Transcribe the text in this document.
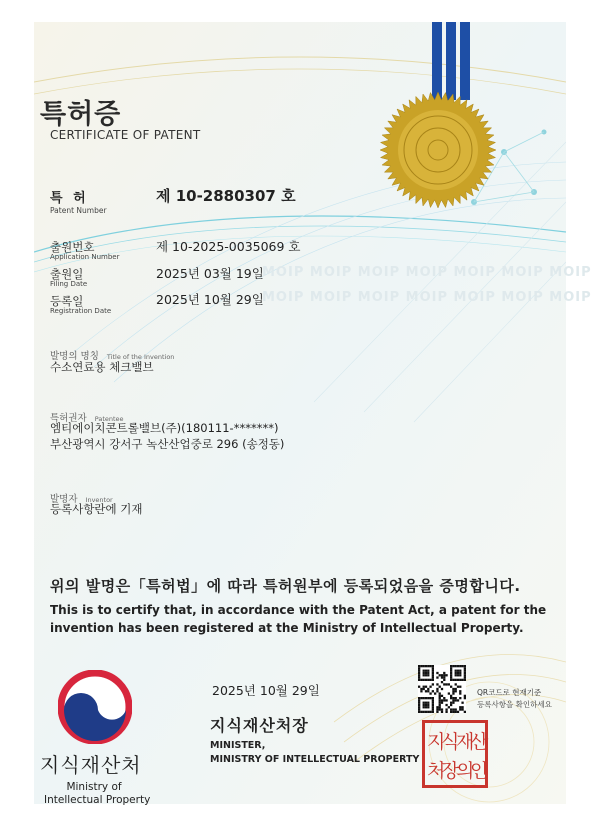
특허증
CERTIFICATE OF PATENT
특 허
Patent Number
제 10-2880307 호
출원번호
Application Number
제 10-2025-0035069 호
출원일
Filing Date
2025년 03월 19일
MOIP MOIP MOIP MOIP MOIP MOIP MOIP
MOIP MOIP MOIP MOIP MOIP MOIP MOIP
등록일
Registration Date
2025년 10월 29일
발명의 명칭 Title of the Invention
수소연료용 체크밸브
특허권자 Patentee
엠티에이치콘트롤밸브(주)(180111-*******)
부산광역시 강서구 녹산산업중로 296 (송정동)
발명자 Inventor
등록사항란에 기재
위의 발명은「특허법」에 따라 특허원부에 등록되었음을 증명합니다.
This is to certify that, in accordance with the Patent Act, a patent for the
invention has been registered at the Ministry of Intellectual Property.
지식재산처
Ministry of
Intellectual Property
2025년 10월 29일
지식재산처장
MINISTER,
MINISTRY OF INTELLECTUAL PROPERTY
QR코드로 현재기준
등록사항을 확인하세요
지
식
재
산
처
장
의
인
